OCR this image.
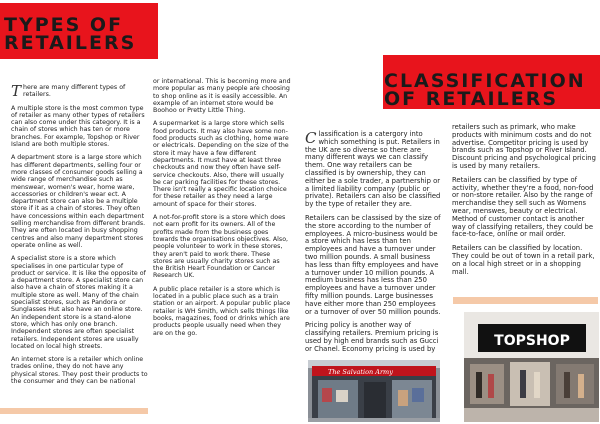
TYPES OF RETAILERS
CLASSIFICATION OF RETAILERS

There are many different types of retailers.

A multiple store is the most common type of retailer as many other types of retailers can also come under this category. It is a chain of stores which has ten or more branches. For example, Topshop or River Island are both multiple stores.

A department store is a large store which has different departments, selling four or more classes of consumer goods selling a wide range of merchandise such as menswear, women's wear, home ware, accessories or children's wear ect. A department store can also be a multiple store if it as a chain of stores. They often have concessions within each department selling merchandise from different brands. They are often located in busy shopping centres and also many department stores operate online as well.

A specialist store is a store which specialises in one particular type of product or service. It is like the opposite of a department store. A specialist store can also have a chain of stores making it a multiple store as well. Many of the chain specialist stores, such as Pandora or Sunglasses Hut also have an online store. An independent store is a stand-alone store, which has only one branch. Independent stores are often specialist retailers. Independent stores are usually located on local high streets.

An internet store is a retailer which online trades online, they do not have any physical stores. They post their products to the consumer and they can be national

or international. This is becoming more and more popular as many people are choosing to shop online as it is easily accessible. An example of an internet store would be Boohoo or Pretty Little Thing.

A supermarket is a large store which sells food products. It may also have some non-food products such as clothing, home ware or electricals. Depending on the size of the store it may have a few different departments. It must have at least three checkouts and now they often have self-service checkouts. Also, there will usually be car parking facilities for these stores. There isn't really a specific location choice for these retailer as they need a large amount of space for their stores.

A not-for-profit store is a store which does not earn profit for its owners. All of the profits made from the business goes towards the organisations objectives. Also, people volunteer to work in these stores, they aren't paid to work there. These stores are usually charity stores such as the British Heart Foundation or Cancer Research UK.

A public place retailer is a store which is located in a public place such as a train station or an airport. A popular public place retailer is WH Smith, which sells things like books, magazines, food or drinks which are products people usually need when they are on the go.

Classification is a catergory into which something is put. Retailers in the UK are so diverse so there are many different ways we can classify them. One way retailers can be classified is by ownership, they can either be a sole trader, a partnership or a limited liability company (public or private). Retailers can also be classified by the type of retailer they are.

Retailers can be classised by the size of the store according to the number of employees. A micro-business would be a store which has less than ten employees and have a turnover under two million pounds. A small business has less than fifty employees and have a turnover under 10 million pounds. A medium business has less than 250 employees and have a turnover under fifty million pounds. Large businesses have either more than 250 employees or a turnover of over 50 million pounds.

Pricing policy is another way of classifying retailers. Premium pricing is used by high end brands such as Gucci or Chanel. Economy pricing is used by

retailers such as primark, who make products with minimum costs and do not advertise. Competitor pricing is used by brands such as Topshop or River Island. Discount pricing and psychological pricing is used by many retailers.

Retailers can be classified by type of activity, whether they're a food, non-food or non-store retailer. Also by the range of merchandise they sell such as Womens wear, menswes, beauty or electrical. Method of customer contact is another way of classifying retailers, they could be face-to-face, online or mail order.

Retailers can be classified by location. They could be out of town in a retail park, on a local high street or in a shopping mall.

The Salvation Army
TOPSHOP
